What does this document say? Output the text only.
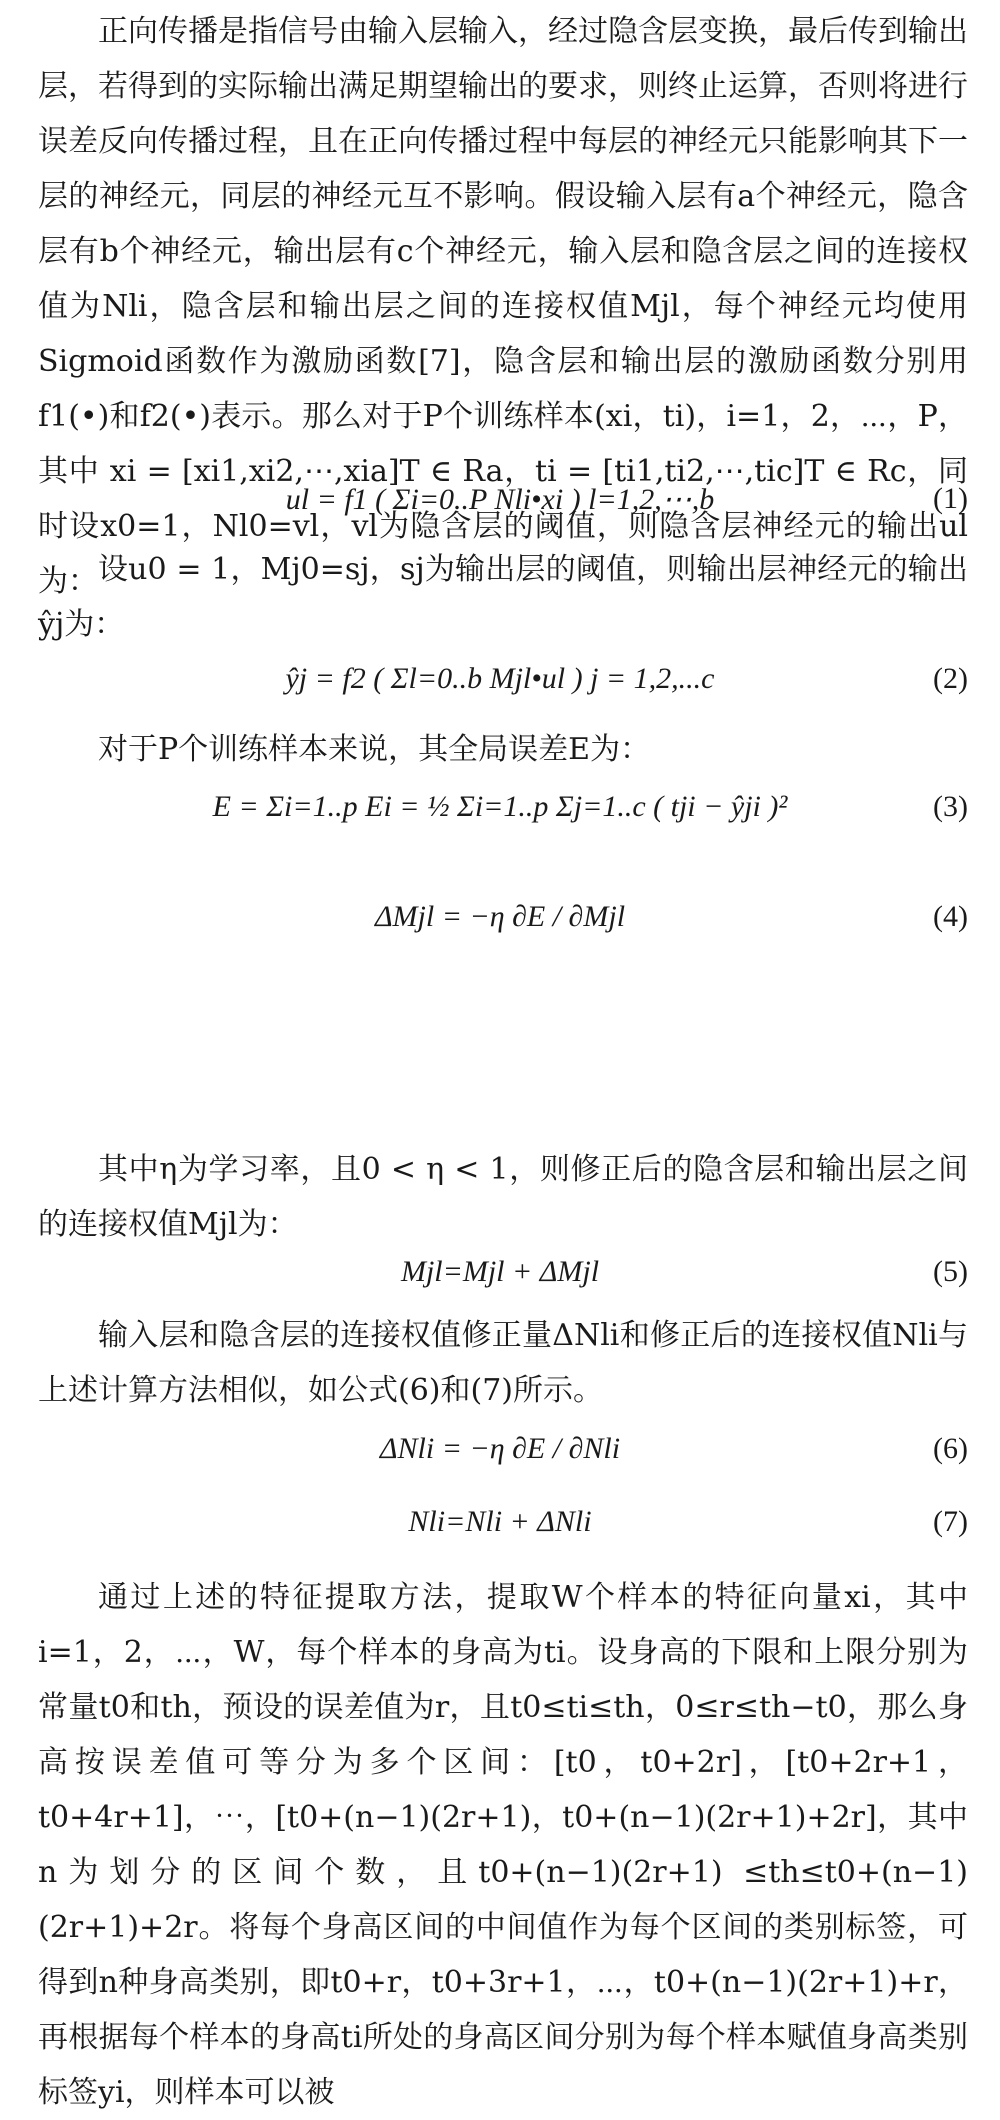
正向传播是指信号由输入层输入，经过隐含层变换，最后传到输出层，若得到的实际输出满足期望输出的要求，则终止运算，否则将进行误差反向传播过程，且在正向传播过程中每层的神经元只能影响其下一层的神经元，同层的神经元互不影响。假设输入层有a个神经元，隐含层有b个神经元，输出层有c个神经元，输入层和隐含层之间的连接权值为Nli，隐含层和输出层之间的连接权值Mjl，每个神经元均使用Sigmoid函数作为激励函数[7]，隐含层和输出层的激励函数分别用f1(•)和f2(•)表示。那么对于P个训练样本(xi，ti)，i=1，2，⋯，P，其中 xi = [xi1,xi2,⋯,xia]T ∈ Ra，ti = [ti1,ti2,⋯,tic]T ∈ Rc，同时设x0=1，Nl0=vl，vl为隐含层的阈值，则隐含层神经元的输出ul为：

ul = f1 ( Σi=0..P Nli•xi ) l=1,2,⋯,b	(1)

设u0 = 1，Mj0=sj，sj为输出层的阈值，则输出层神经元的输出ŷj为：

ŷj = f2 ( Σl=0..b Mjl•ul ) j = 1,2,...c	(2)

对于P个训练样本来说，其全局误差E为：

E = Σi=1..p Ei = ½ Σi=1..p Σj=1..c ( tji − ŷji )²	(3)
ΔMjl = −η ∂E / ∂Mjl	(4)

其中η为学习率，且0 < η < 1，则修正后的隐含层和输出层之间的连接权值Mjl为：

Mjl=Mjl + ΔMjl	(5)

输入层和隐含层的连接权值修正量ΔNli和修正后的连接权值Nli与上述计算方法相似，如公式(6)和(7)所示。

ΔNli = −η ∂E / ∂Nli	(6)
Nli=Nli + ΔNli	(7)

通过上述的特征提取方法，提取W个样本的特征向量xi，其中i=1，2，⋯，W，每个样本的身高为ti。设身高的下限和上限分别为常量t0和th，预设的误差值为r，且t0≤ti≤th，0≤r≤th−t0，那么身高按误差值可等分为多个区间：[t0，t0+2r]，[t0+2r+1，t0+4r+1]，⋯，[t0+(n−1)(2r+1)，t0+(n−1)(2r+1)+2r]，其中n为划分的区间个数，且t0+(n−1)(2r+1) ≤th≤t0+(n−1)(2r+1)+2r。将每个身高区间的中间值作为每个区间的类别标签，可得到n种身高类别，即t0+r，t0+3r+1，⋯，t0+(n−1)(2r+1)+r，再根据每个样本的身高ti所处的身高区间分别为每个样本赋值身高类别标签yi，则样本可以被
